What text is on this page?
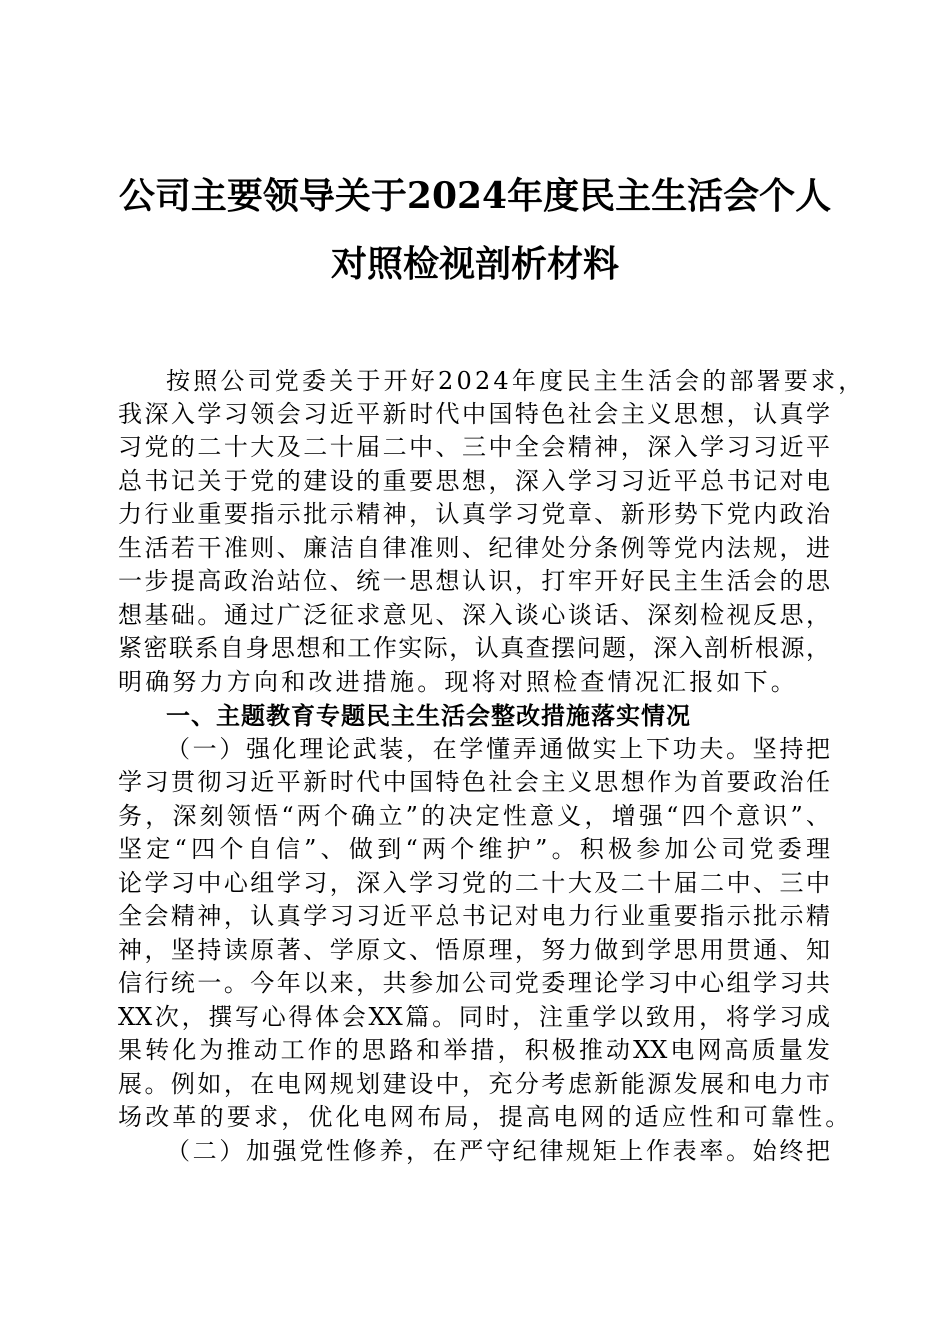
公司主要领导关于2024年度民主生活会个人
对照检视剖析材料
按照公司党委关于开好2024年度民主生活会的部署要求，
我深入学习领会习近平新时代中国特色社会主义思想，认真学
习党的二十大及二十届二中、三中全会精神，深入学习习近平
总书记关于党的建设的重要思想，深入学习习近平总书记对电
力行业重要指示批示精神，认真学习党章、新形势下党内政治
生活若干准则、廉洁自律准则、纪律处分条例等党内法规，进
一步提高政治站位、统一思想认识，打牢开好民主生活会的思
想基础。通过广泛征求意见、深入谈心谈话、深刻检视反思，
紧密联系自身思想和工作实际，认真查摆问题，深入剖析根源，
明确努力方向和改进措施。现将对照检查情况汇报如下。
一、主题教育专题民主生活会整改措施落实情况
（一）强化理论武装，在学懂弄通做实上下功夫。坚持把
学习贯彻习近平新时代中国特色社会主义思想作为首要政治任
务，深刻领悟“两个确立”的决定性意义，增强“四个意识”、
坚定“四个自信”、做到“两个维护”。积极参加公司党委理
论学习中心组学习，深入学习党的二十大及二十届二中、三中
全会精神，认真学习习近平总书记对电力行业重要指示批示精
神，坚持读原著、学原文、悟原理，努力做到学思用贯通、知
信行统一。今年以来，共参加公司党委理论学习中心组学习共
XX次，撰写心得体会XX篇。同时，注重学以致用，将学习成
果转化为推动工作的思路和举措，积极推动XX电网高质量发
展。例如，在电网规划建设中，充分考虑新能源发展和电力市
场改革的要求，优化电网布局，提高电网的适应性和可靠性。
（二）加强党性修养，在严守纪律规矩上作表率。始终把
